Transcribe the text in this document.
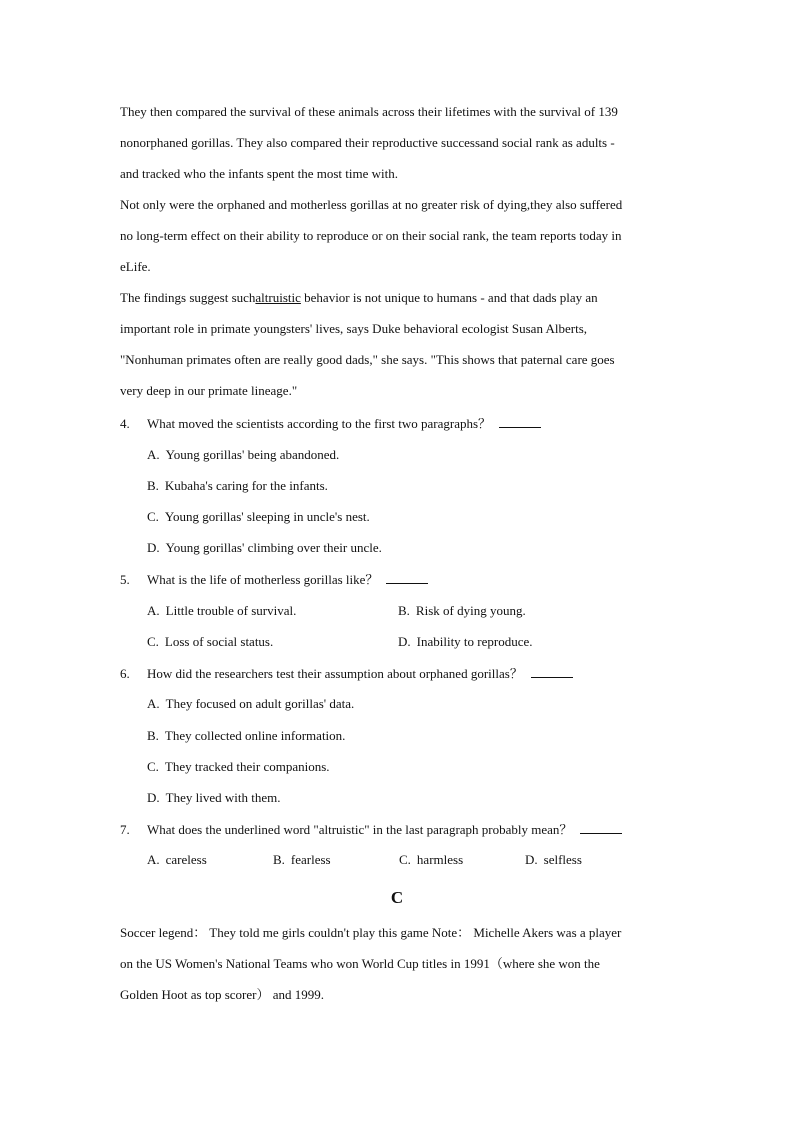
They then compared the survival of these animals across their lifetimes with the survival of 139
nonorphaned gorillas. They also compared their reproductive successand social rank as adults -
and tracked who the infants spent the most time with.
Not only were the orphaned and motherless gorillas at no greater risk of dying,they also suffered
no long-term effect on their ability to reproduce or on their social rank, the team reports today in
eLife.
The findings suggest suchaltruistic behavior is not unique to humans - and that dads play an
important role in primate youngsters' lives, says Duke behavioral ecologist Susan Alberts,
"Nonhuman primates often are really good dads," she says. "This shows that paternal care goes
very deep in our primate lineage."
4. What moved the scientists according to the first two paragraphs？
A. Young gorillas' being abandoned.
B. Kubaha's caring for the infants.
C. Young gorillas' sleeping in uncle's nest.
D. Young gorillas' climbing over their uncle.
5. What is the life of motherless gorillas like？
A. Little trouble of survival.	B. Risk of dying young.
C. Loss of social status.	D. Inability to reproduce.
6. How did the researchers test their assumption about orphaned gorillas？
A. They focused on adult gorillas' data.
B. They collected online information.
C. They tracked their companions.
D. They lived with them.
7. What does the underlined word "altruistic" in the last paragraph probably mean？
A. careless	B. fearless	C. harmless	D. selfless
C
Soccer legend： They told me girls couldn't play this game Note： Michelle Akers was a player
on the US Women's National Teams who won World Cup titles in 1991（where she won the
Golden Hoot as top scorer） and 1999.
